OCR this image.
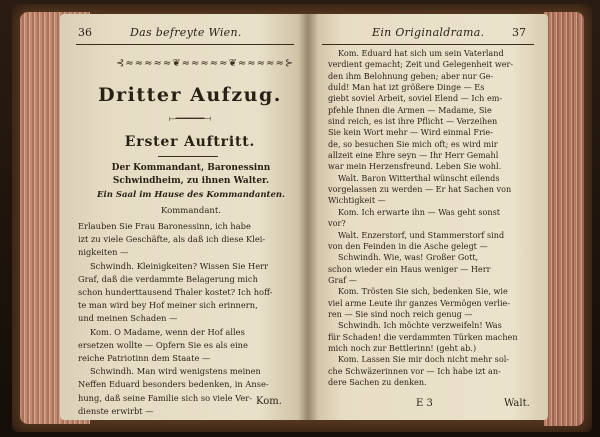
36	Das befreyte Wien.
⊰≈≈≈≈≈❦≈≈≈≈≈❦≈≈≈≈≈⊱
Dritter Aufzug.
⟝━━━━━━⟞
Erster Auftritt.
Der Kommandant, Baronessinn
Schwindheim, zu ihnen Walter.
Ein Saal im Hause des Kommandanten.
Kommandant.
Erlauben Sie Frau Baronessinn, ich habe
izt zu viele Geschäfte, als daß ich diese Klei-
nigkeiten —
Schwindh. Kleinigkeiten? Wissen Sie Herr
Graf, daß die verdammte Belagerung mich
schon hunderttausend Thaler kostet? Ich hoff-
te man wird bey Hof meiner sich erinnern,
und meinen Schaden —
Kom. O Madame, wenn der Hof alles
ersetzen wollte — Opfern Sie es als eine
reiche Patriotinn dem Staate —
Schwindh. Man wird wenigstens meinen
Neffen Eduard besonders bedenken, in Anse-
hung, daß seine Familie sich so viele Ver-
dienste erwirbt —
Kom.
Ein Originaldrama.	37
Kom. Eduard hat sich um sein Vaterland
verdient gemacht; Zeit und Gelegenheit wer-
den ihm Belohnung geben; aber nur Ge-
duld! Man hat izt größere Dinge — Es
giebt soviel Arbeit, soviel Elend — Ich em-
pfehle Ihnen die Armen — Madame, Sie
sind reich, es ist ihre Pflicht — Verzeihen
Sie kein Wort mehr — Wird einmal Frie-
de, so besuchen Sie mich oft; es wird mir
allzeit eine Ehre seyn — Ihr Herr Gemahl
war mein Herzensfreund. Leben Sie wohl.
Walt. Baron Witterthal wünscht eilends
vorgelassen zu werden — Er hat Sachen von
Wichtigkeit —
Kom. Ich erwarte ihn — Was geht sonst
vor?
Walt. Enzerstorf, und Stammerstorf sind
von den Feinden in die Asche gelegt —
Schwindh. Wie, was! Großer Gott,
schon wieder ein Haus weniger — Herr
Graf —
Kom. Trösten Sie sich, bedenken Sie, wie
viel arme Leute ihr ganzes Vermögen verlie-
ren — Sie sind noch reich genug —
Schwindh. Ich möchte verzweifeln! Was
für Schaden! die verdammten Türken machen
mich noch zur Bettlerinn! (geht ab.)
Kom. Lassen Sie mir doch nicht mehr sol-
che Schwäzerinnen vor — Ich habe izt an-
dere Sachen zu denken.
E 3	Walt.
